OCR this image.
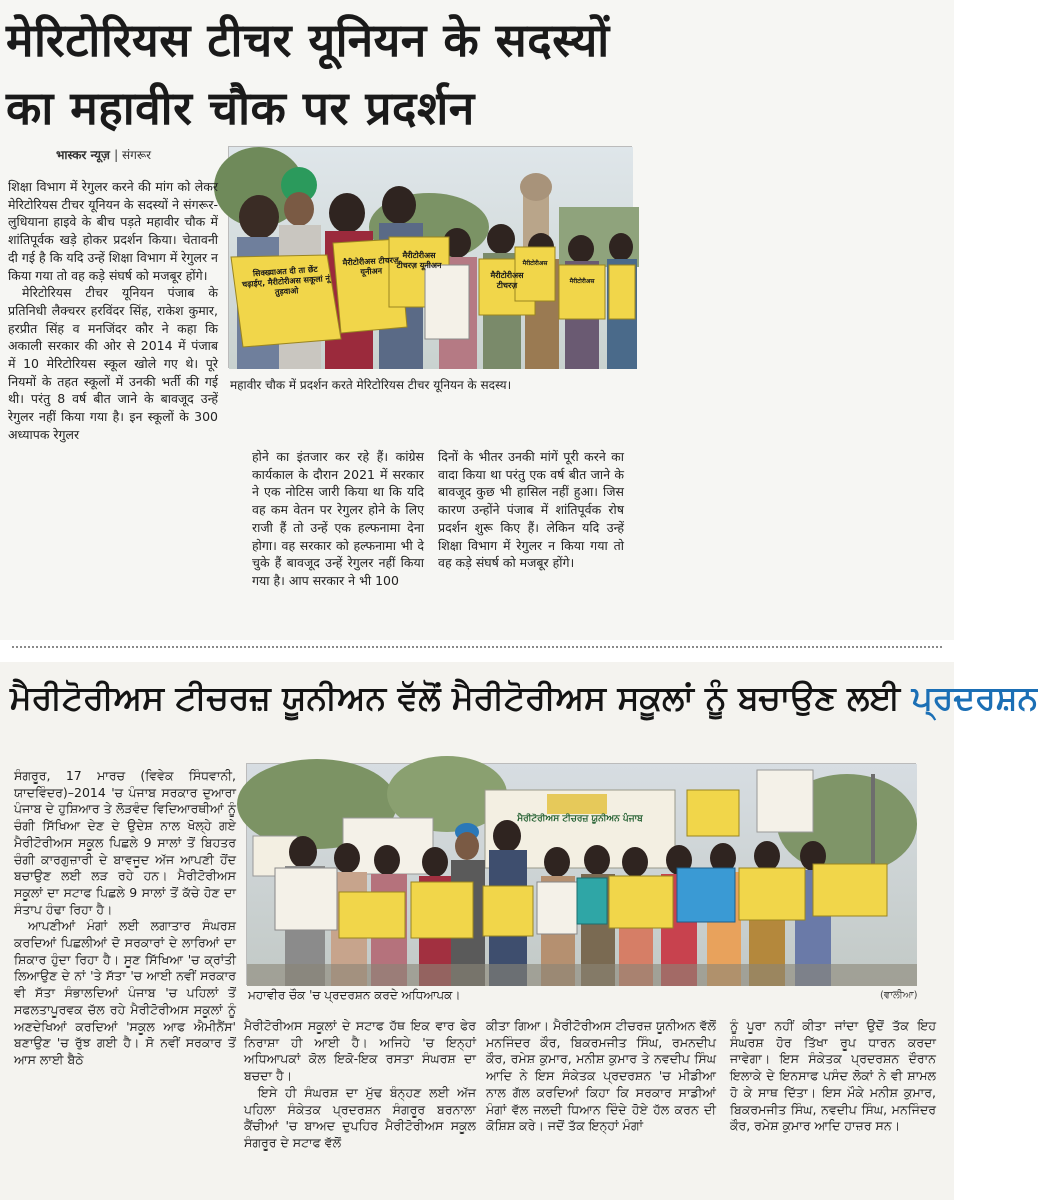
मेरिटोरियस टीचर यूनियन के सदस्यों
का महावीर चौक पर प्रदर्शन
भास्कर न्यूज़ | संगरूर
सिक्ख्याअत दी ता छेंट चढ़ाईए, मैरीटोरीअस सकूलां नूं तुड़वाओ
मैरीटोरीअस टीचरज़ यूनीअन
मैरीटोरीअस टीचरज़ यूनीअन
मैरीटोरीअस टीचरज़
मैरीटोरीअस
मैरीटोरीअस
महावीर चौक में प्रदर्शन करते मेरिटोरियस टीचर यूनियन के सदस्य।

शिक्षा विभाग में रेगुलर करने की मांग को लेकर मेरिटोरियस टीचर यूनियन के सदस्यों ने संगरूर-लुधियाना हाइवे के बीच पड़ते महावीर चौक में शांतिपूर्वक खड़े होकर प्रदर्शन किया। चेतावनी दी गई है कि यदि उन्हें शिक्षा विभाग में रेगुलर न किया गया तो वह कड़े संघर्ष को मजबूर होंगे।

मेरिटोरियस टीचर यूनियन पंजाब के प्रतिनिधी लैक्चरर हरविंदर सिंह, राकेश कुमार, हरप्रीत सिंह व मनजिंदर कौर ने कहा कि अकाली सरकार की ओर से 2014 में पंजाब में 10 मेरिटोरियस स्कूल खोले गए थे। पूरे नियमों के तहत स्कूलों में उनकी भर्ती की गई थी। परंतु 8 वर्ष बीत जाने के बावजूद उन्हें रेगुलर नहीं किया गया है। इन स्कूलों के 300 अध्यापक रेगुलर

होने का इंतजार कर रहे हैं। कांग्रेस कार्यकाल के दौरान 2021 में सरकार ने एक नोटिस जारी किया था कि यदि वह कम वेतन पर रेगुलर होने के लिए राजी हैं तो उन्हें एक हल्फनामा देना होगा। वह सरकार को हल्फनामा भी दे चुके हैं बावजूद उन्हें रेगुलर नहीं किया गया है। आप सरकार ने भी 100

दिनों के भीतर उनकी मांगें पूरी करने का वादा किया था परंतु एक वर्ष बीत जाने के बावजूद कुछ भी हासिल नहीं हुआ। जिस कारण उन्होंने पंजाब में शांतिपूर्वक रोष प्रदर्शन शुरू किए हैं। लेकिन यदि उन्हें शिक्षा विभाग में रेगुलर न किया गया तो वह कड़े संघर्ष को मजबूर होंगे।

ਮੈਰੀਟੋਰੀਅਸ ਟੀਚਰਜ਼ ਯੂਨੀਅਨ ਵੱਲੋਂ ਮੈਰੀਟੋਰੀਅਸ ਸਕੂਲਾਂ ਨੂੰ ਬਚਾਉਣ ਲਈ ਪ੍ਰਦਰਸ਼ਨ

ਸੰਗਰੂਰ, 17 ਮਾਰਚ (ਵਿਵੇਕ ਸਿੰਧਵਾਨੀ, ਯਾਦਵਿੰਦਰ)–2014 'ਚ ਪੰਜਾਬ ਸਰਕਾਰ ਦੁਆਰਾ ਪੰਜਾਬ ਦੇ ਹੁਸ਼ਿਆਰ ਤੇ ਲੋੜਵੰਦ ਵਿਦਿਆਰਥੀਆਂ ਨੂੰ ਚੰਗੀ ਸਿੱਖਿਆ ਦੇਣ ਦੇ ਉਦੇਸ਼ ਨਾਲ ਖੋਲ੍ਹੇ ਗਏ ਮੈਰੀਟੋਰੀਅਸ ਸਕੂਲ ਪਿਛਲੇ 9 ਸਾਲਾਂ ਤੋਂ ਬਿਹਤਰ ਚੰਗੀ ਕਾਰਗੁਜ਼ਾਰੀ ਦੇ ਬਾਵਜੂਦ ਅੱਜ ਆਪਣੀ ਹੋਂਦ ਬਚਾਉਣ ਲਈ ਲੜ ਰਹੇ ਹਨ। ਮੈਰੀਟੋਰੀਅਸ ਸਕੂਲਾਂ ਦਾ ਸਟਾਫ ਪਿਛਲੇ 9 ਸਾਲਾਂ ਤੋਂ ਕੱਚੇ ਹੋਣ ਦਾ ਸੰਤਾਪ ਹੰਢਾ ਰਿਹਾ ਹੈ।

ਆਪਣੀਆਂ ਮੰਗਾਂ ਲਈ ਲਗਾਤਾਰ ਸੰਘਰਸ਼ ਕਰਦਿਆਂ ਪਿਛਲੀਆਂ ਦੋ ਸਰਕਾਰਾਂ ਦੇ ਲਾਰਿਆਂ ਦਾ ਸ਼ਿਕਾਰ ਹੁੰਦਾ ਰਿਹਾ ਹੈ। ਸੂਣ ਸਿੱਖਿਆ 'ਚ ਕ੍ਰਾਂਤੀ ਲਿਆਉਣ ਦੇ ਨਾਂ 'ਤੇ ਸੱਤਾ 'ਚ ਆਈ ਨਵੀਂ ਸਰਕਾਰ ਵੀ ਸੱਤਾ ਸੰਭਾਲਦਿਆਂ ਪੰਜਾਬ 'ਚ ਪਹਿਲਾਂ ਤੋਂ ਸਫਲਤਾਪੂਰਵਕ ਚੱਲ ਰਹੇ ਮੈਰੀਟੋਰੀਅਸ ਸਕੂਲਾਂ ਨੂੰ ਅਣਦੇਖਿਆਂ ਕਰਦਿਆਂ 'ਸਕੂਲ ਆਫ ਐਮੀਨੈਂਸ' ਬਣਾਉਣ 'ਚ ਰੁੱਝ ਗਈ ਹੈ। ਸੋ ਨਵੀਂ ਸਰਕਾਰ ਤੋਂ ਆਸ ਲਾਈ ਬੈਠੇ

ਮੈਰੀਟੋਰੀਅਸ ਟੀਚਰਜ਼ ਯੂਨੀਅਨ ਪੰਜਾਬ
ਮਹਾਵੀਰ ਚੌਕ 'ਚ ਪ੍ਰਦਰਸ਼ਨ ਕਰਦੇ ਅਧਿਆਪਕ।	(ਵਾਲੀਆ)

ਮੈਰੀਟੋਰੀਅਸ ਸਕੂਲਾਂ ਦੇ ਸਟਾਫ ਹੱਥ ਇਕ ਵਾਰ ਫੇਰ ਨਿਰਾਸ਼ਾ ਹੀ ਆਈ ਹੈ। ਅਜਿਹੇ 'ਚ ਇਨ੍ਹਾਂ ਅਧਿਆਪਕਾਂ ਕੋਲ ਇਕੋ-ਇਕ ਰਸਤਾ ਸੰਘਰਸ਼ ਦਾ ਬਚਦਾ ਹੈ।

ਇਸੇ ਹੀ ਸੰਘਰਸ਼ ਦਾ ਮੁੱਢ ਬੰਨ੍ਹਣ ਲਈ ਅੱਜ ਪਹਿਲਾ ਸੰਕੇਤਕ ਪ੍ਰਦਰਸ਼ਨ ਸੰਗਰੂਰ ਬਰਨਾਲਾ ਕੈਂਚੀਆਂ 'ਚ ਬਾਅਦ ਦੁਪਹਿਰ ਮੈਰੀਟੋਰੀਅਸ ਸਕੂਲ ਸੰਗਰੂਰ ਦੇ ਸਟਾਫ ਵੱਲੋਂ

ਕੀਤਾ ਗਿਆ। ਮੈਰੀਟੋਰੀਅਸ ਟੀਚਰਜ਼ ਯੂਨੀਅਨ ਵੱਲੋਂ ਮਨਜਿੰਦਰ ਕੌਰ, ਬਿਕਰਮਜੀਤ ਸਿੰਘ, ਰਮਨਦੀਪ ਕੌਰ, ਰਮੇਸ਼ ਕੁਮਾਰ, ਮਨੀਸ਼ ਕੁਮਾਰ ਤੇ ਨਵਦੀਪ ਸਿੰਘ ਆਦਿ ਨੇ ਇਸ ਸੰਕੇਤਕ ਪ੍ਰਦਰਸ਼ਨ 'ਚ ਮੀਡੀਆ ਨਾਲ ਗੱਲ ਕਰਦਿਆਂ ਕਿਹਾ ਕਿ ਸਰਕਾਰ ਸਾਡੀਆਂ ਮੰਗਾਂ ਵੱਲ ਜਲਦੀ ਧਿਆਨ ਦਿੰਦੇ ਹੋਏ ਹੱਲ ਕਰਨ ਦੀ ਕੋਸ਼ਿਸ਼ ਕਰੇ। ਜਦੋਂ ਤੱਕ ਇਨ੍ਹਾਂ ਮੰਗਾਂ

ਨੂੰ ਪੂਰਾ ਨਹੀਂ ਕੀਤਾ ਜਾਂਦਾ ਉਦੋਂ ਤੱਕ ਇਹ ਸੰਘਰਸ਼ ਹੋਰ ਤਿੱਖਾ ਰੂਪ ਧਾਰਨ ਕਰਦਾ ਜਾਵੇਗਾ। ਇਸ ਸੰਕੇਤਕ ਪ੍ਰਦਰਸ਼ਨ ਦੌਰਾਨ ਇਲਾਕੇ ਦੇ ਇਨਸਾਫ ਪਸੰਦ ਲੋਕਾਂ ਨੇ ਵੀ ਸ਼ਾਮਲ ਹੋ ਕੇ ਸਾਥ ਦਿੱਤਾ। ਇਸ ਮੌਕੇ ਮਨੀਸ਼ ਕੁਮਾਰ, ਬਿਕਰਮਜੀਤ ਸਿੰਘ, ਨਵਦੀਪ ਸਿੰਘ, ਮਨਜਿੰਦਰ ਕੌਰ, ਰਮੇਸ਼ ਕੁਮਾਰ ਆਦਿ ਹਾਜ਼ਰ ਸਨ।
